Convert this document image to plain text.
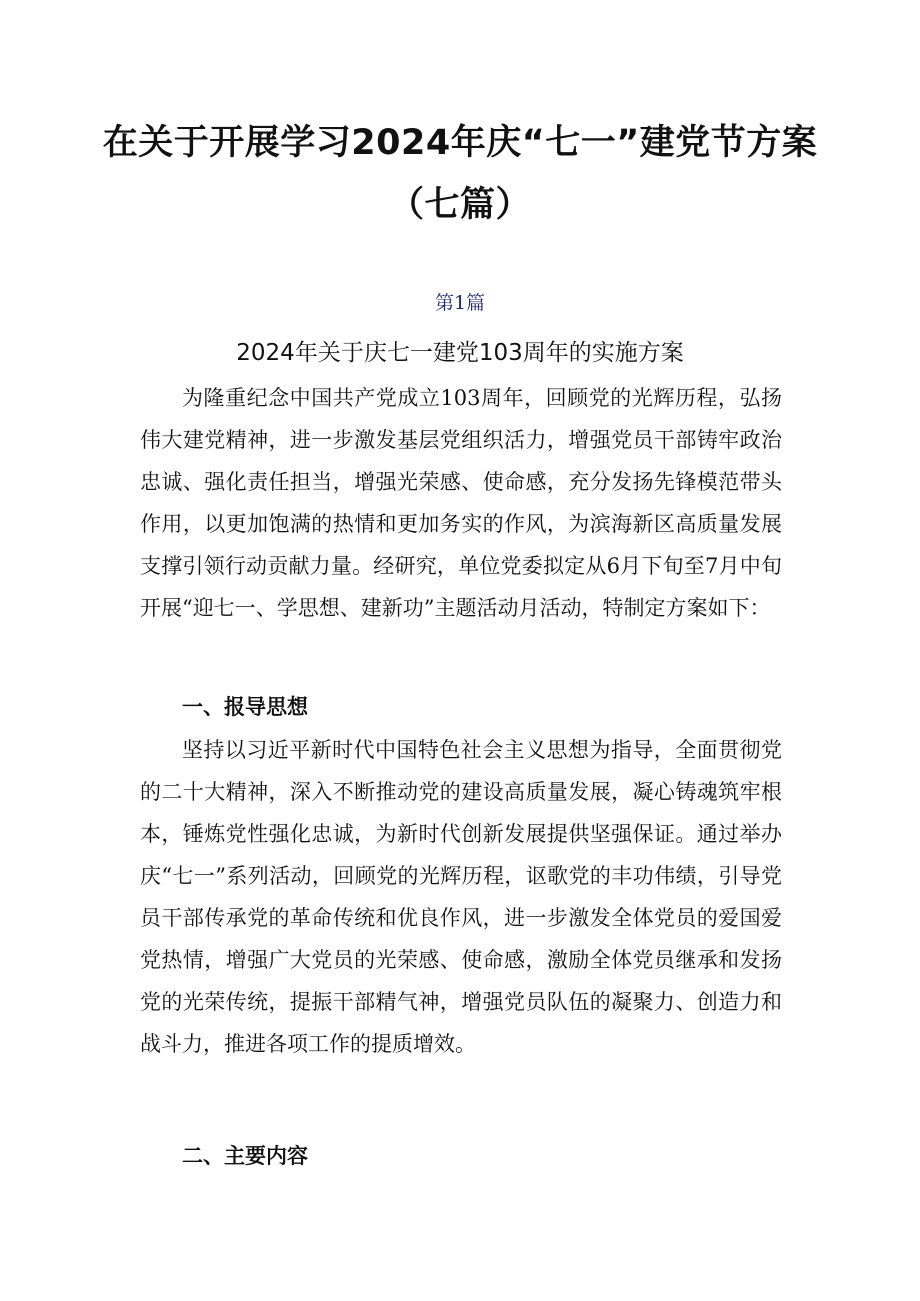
在关于开展学习2024年庆“七一”建党节方案（七篇）
第1篇
2024年关于庆七一建党103周年的实施方案

为隆重纪念中国共产党成立103周年，回顾党的光辉历程，弘扬伟大建党精神，进一步激发基层党组织活力，增强党员干部铸牢政治忠诚、强化责任担当，增强光荣感、使命感，充分发扬先锋模范带头作用，以更加饱满的热情和更加务实的作风，为滨海新区高质量发展支撑引领行动贡献力量。经研究，单位党委拟定从6月下旬至7月中旬开展“迎七一、学思想、建新功”主题活动月活动，特制定方案如下：

一、报导思想

坚持以习近平新时代中国特色社会主义思想为指导，全面贯彻党的二十大精神，深入不断推动党的建设高质量发展，凝心铸魂筑牢根本，锤炼党性强化忠诚，为新时代创新发展提供坚强保证。通过举办庆“七一”系列活动，回顾党的光辉历程，讴歌党的丰功伟绩，引导党员干部传承党的革命传统和优良作风，进一步激发全体党员的爱国爱党热情，增强广大党员的光荣感、使命感，激励全体党员继承和发扬党的光荣传统，提振干部精气神，增强党员队伍的凝聚力、创造力和战斗力，推进各项工作的提质增效。

二、主要内容
